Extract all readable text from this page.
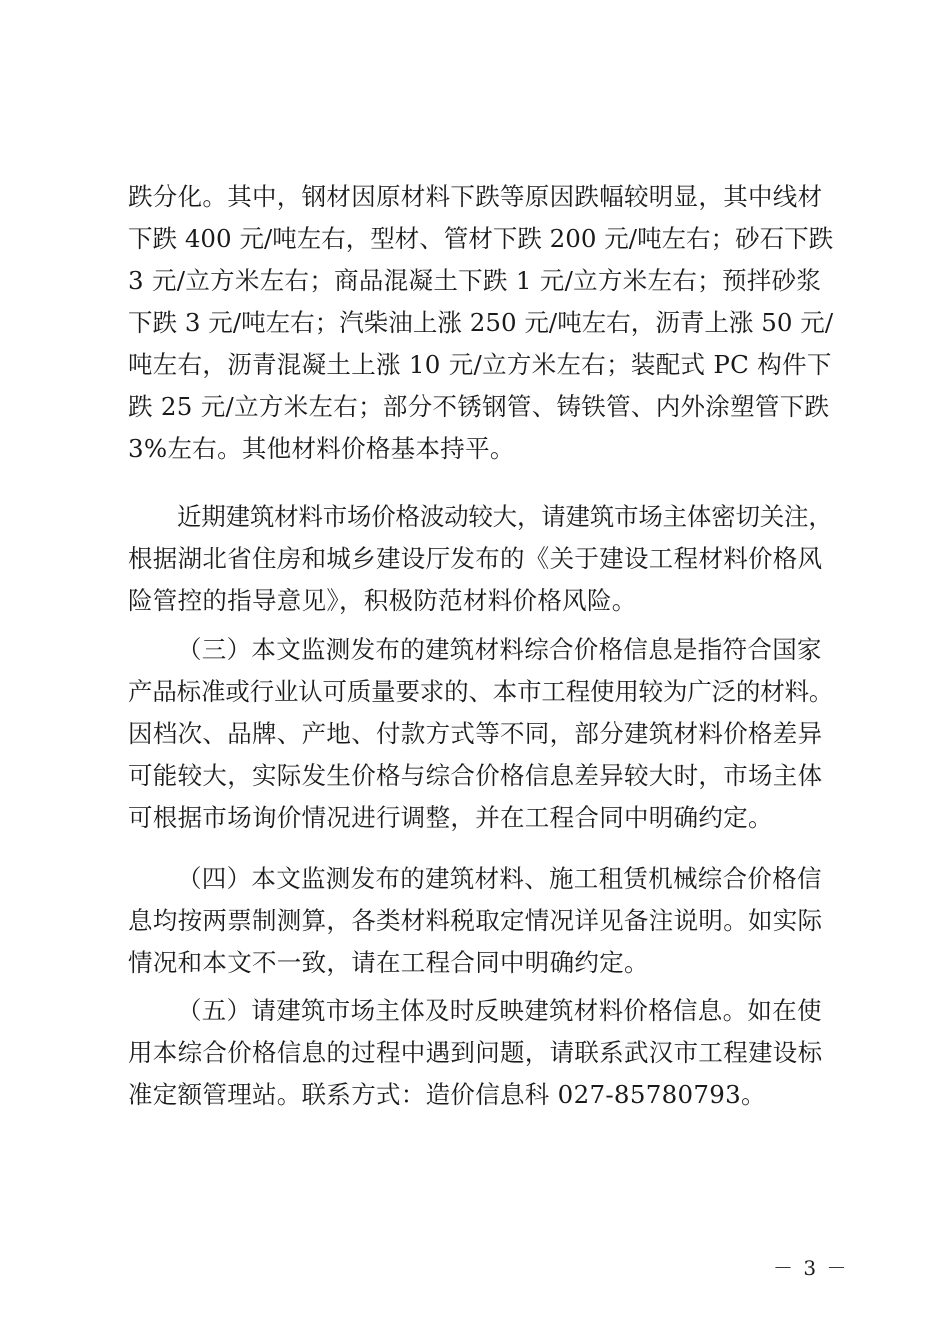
跌分化。其中，钢材因原材料下跌等原因跌幅较明显，其中线材
下跌 400 元/吨左右，型材、管材下跌 200 元/吨左右；砂石下跌
3 元/立方米左右；商品混凝土下跌 1 元/立方米左右；预拌砂浆
下跌 3 元/吨左右；汽柴油上涨 250 元/吨左右，沥青上涨 50 元/
吨左右，沥青混凝土上涨 10 元/立方米左右；装配式 PC 构件下
跌 25 元/立方米左右；部分不锈钢管、铸铁管、内外涂塑管下跌
3%左右。其他材料价格基本持平。
近期建筑材料市场价格波动较大，请建筑市场主体密切关注，
根据湖北省住房和城乡建设厅发布的《关于建设工程材料价格风
险管控的指导意见》，积极防范材料价格风险。
（三）本文监测发布的建筑材料综合价格信息是指符合国家
产品标准或行业认可质量要求的、本市工程使用较为广泛的材料。
因档次、品牌、产地、付款方式等不同，部分建筑材料价格差异
可能较大，实际发生价格与综合价格信息差异较大时，市场主体
可根据市场询价情况进行调整，并在工程合同中明确约定。
（四）本文监测发布的建筑材料、施工租赁机械综合价格信
息均按两票制测算，各类材料税取定情况详见备注说明。如实际
情况和本文不一致，请在工程合同中明确约定。
（五）请建筑市场主体及时反映建筑材料价格信息。如在使
用本综合价格信息的过程中遇到问题，请联系武汉市工程建设标
准定额管理站。联系方式：造价信息科 027-85780793。
－ 3 －
